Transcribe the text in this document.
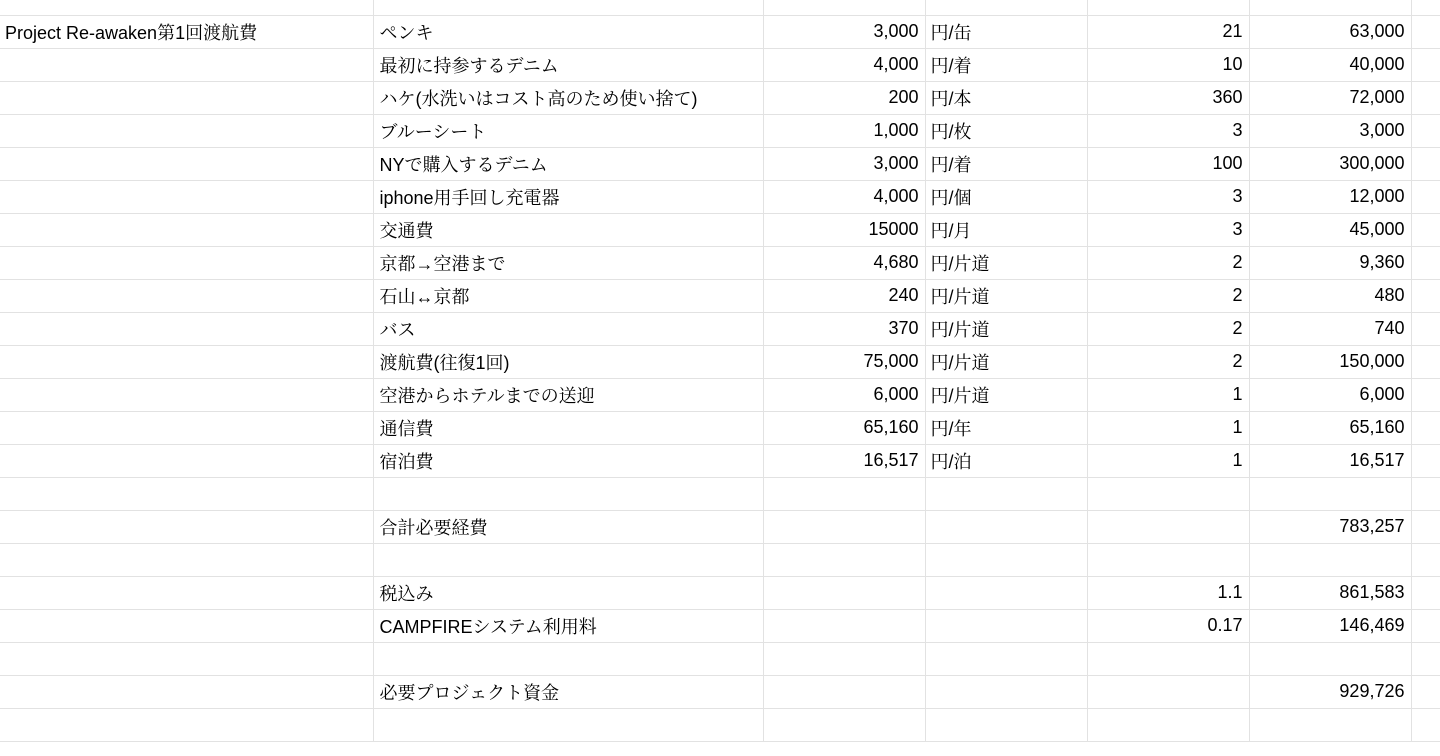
Project Re-awaken第1回渡航費	ペンキ	3,000	円/缶	21	63,000	
	最初に持参するデニム	4,000	円/着	10	40,000	
	ハケ(水洗いはコスト高のため使い捨て)	200	円/本	360	72,000	
	ブルーシート	1,000	円/枚	3	3,000	
	NYで購入するデニム	3,000	円/着	100	300,000	
	iphone用手回し充電器	4,000	円/個	3	12,000	
	交通費	15000	円/月	3	45,000	
	京都→空港まで	4,680	円/片道	2	9,360	
	石山↔京都	240	円/片道	2	480	
	バス	370	円/片道	2	740	
	渡航費(往復1回)	75,000	円/片道	2	150,000	
	空港からホテルまでの送迎	6,000	円/片道	1	6,000	
	通信費	65,160	円/年	1	65,160	
	宿泊費	16,517	円/泊	1	16,517	

	合計必要経費				783,257	

	税込み			1.1	861,583	
	CAMPFIREシステム利用料			0.17	146,469	

	必要プロジェクト資金				929,726	
